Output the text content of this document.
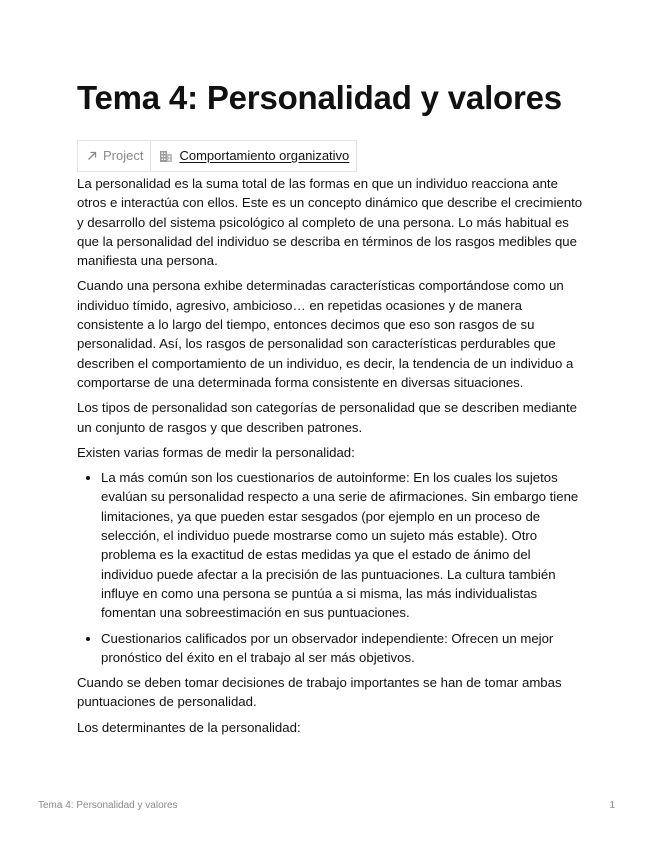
Tema 4: Personalidad y valores
Project	Comportamiento organizativo

La personalidad es la suma total de las formas en que un individuo reacciona ante otros e interactúa con ellos. Este es un concepto dinámico que describe el crecimiento y desarrollo del sistema psicológico al completo de una persona. Lo más habitual es que la personalidad del individuo se describa en términos de los rasgos medibles que manifiesta una persona.

Cuando una persona exhibe determinadas características comportándose como un individuo tímido, agresivo, ambicioso… en repetidas ocasiones y de manera consistente a lo largo del tiempo, entonces decimos que eso son rasgos de su personalidad. Así, los rasgos de personalidad son características perdurables que describen el comportamiento de un individuo, es decir, la tendencia de un individuo a comportarse de una determinada forma consistente en diversas situaciones.

Los tipos de personalidad son categorías de personalidad que se describen mediante un conjunto de rasgos y que describen patrones.

Existen varias formas de medir la personalidad:

• La más común son los cuestionarios de autoinforme: En los cuales los sujetos evalúan su personalidad respecto a una serie de afirmaciones. Sin embargo tiene limitaciones, ya que pueden estar sesgados (por ejemplo en un proceso de selección, el individuo puede mostrarse como un sujeto más estable). Otro problema es la exactitud de estas medidas ya que el estado de ánimo del individuo puede afectar a la precisión de las puntuaciones. La cultura también influye en como una persona se puntúa a si misma, las más individualistas fomentan una sobreestimación en sus puntuaciones.
• Cuestionarios calificados por un observador independiente: Ofrecen un mejor pronóstico del éxito en el trabajo al ser más objetivos.

Cuando se deben tomar decisiones de trabajo importantes se han de tomar ambas puntuaciones de personalidad.

Los determinantes de la personalidad:

Tema 4: Personalidad y valores	1
